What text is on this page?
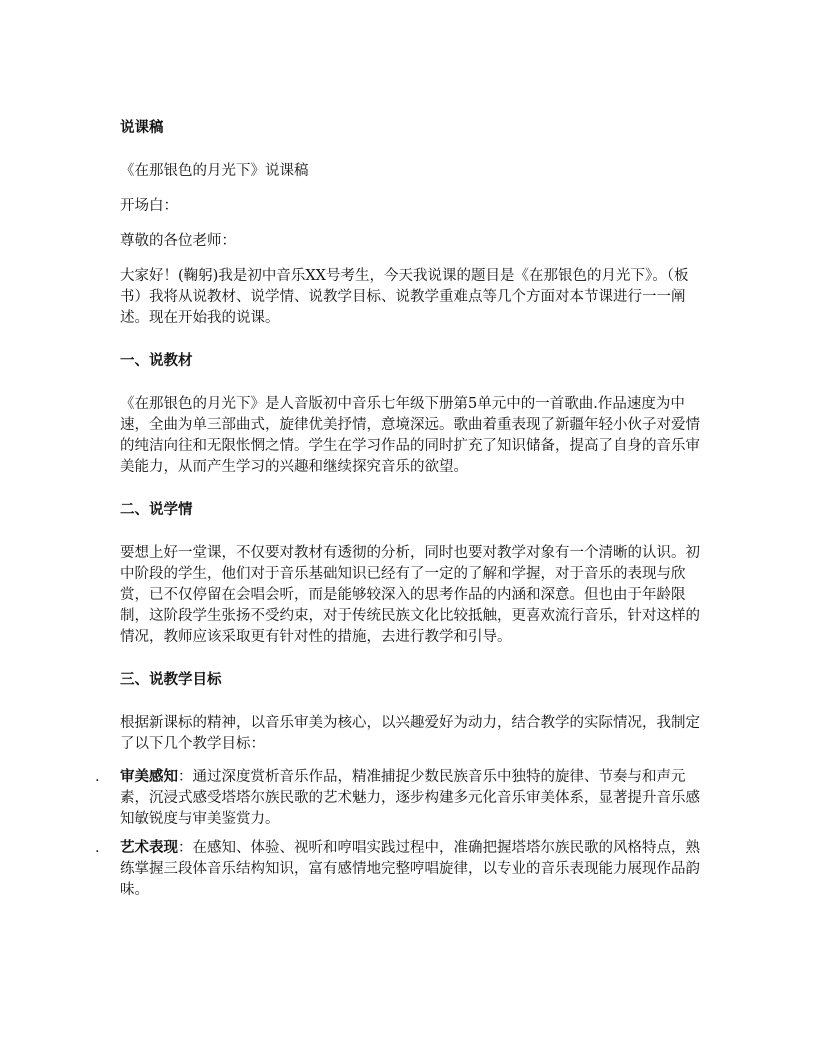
说课稿

《在那银色的月光下》说课稿

开场白：

尊敬的各位老师：

大家好！(鞠躬)我是初中音乐XX号考生，今天我说课的题目是《在那银色的月光下》。（板书）我将从说教材、说学情、说教学目标、说教学重难点等几个方面对本节课进行一一阐述。现在开始我的说课。

一、说教材

《在那银色的月光下》是人音版初中音乐七年级下册第5单元中的一首歌曲.作品速度为中速，全曲为单三部曲式，旋律优美抒情，意境深远。歌曲着重表现了新疆年轻小伙子对爱情的纯洁向往和无限怅惘之情。学生在学习作品的同时扩充了知识储备，提高了自身的音乐审美能力，从而产生学习的兴趣和继续探究音乐的欲望。

二、说学情

要想上好一堂课，不仅要对教材有透彻的分析，同时也要对教学对象有一个清晰的认识。初中阶段的学生，他们对于音乐基础知识已经有了一定的了解和学握，对于音乐的表现与欣赏，已不仅停留在会唱会听，而是能够较深入的思考作品的内涵和深意。但也由于年龄限制，这阶段学生张扬不受约束，对于传统民族文化比较抵触，更喜欢流行音乐，针对这样的情况，教师应该采取更有针对性的措施，去进行教学和引导。

三、说教学目标

根据新课标的精神，以音乐审美为核心，以兴趣爱好为动力，结合教学的实际情况，我制定了以下几个教学目标：

. 审美感知：通过深度赏析音乐作品，精准捕捉少数民族音乐中独特的旋律、节奏与和声元素，沉浸式感受塔塔尔族民歌的艺术魅力，逐步构建多元化音乐审美体系，显著提升音乐感知敏锐度与审美鉴赏力。
. 艺术表现：在感知、体验、视听和哼唱实践过程中，准确把握塔塔尔族民歌的风格特点，熟练掌握三段体音乐结构知识，富有感情地完整哼唱旋律，以专业的音乐表现能力展现作品韵味。
